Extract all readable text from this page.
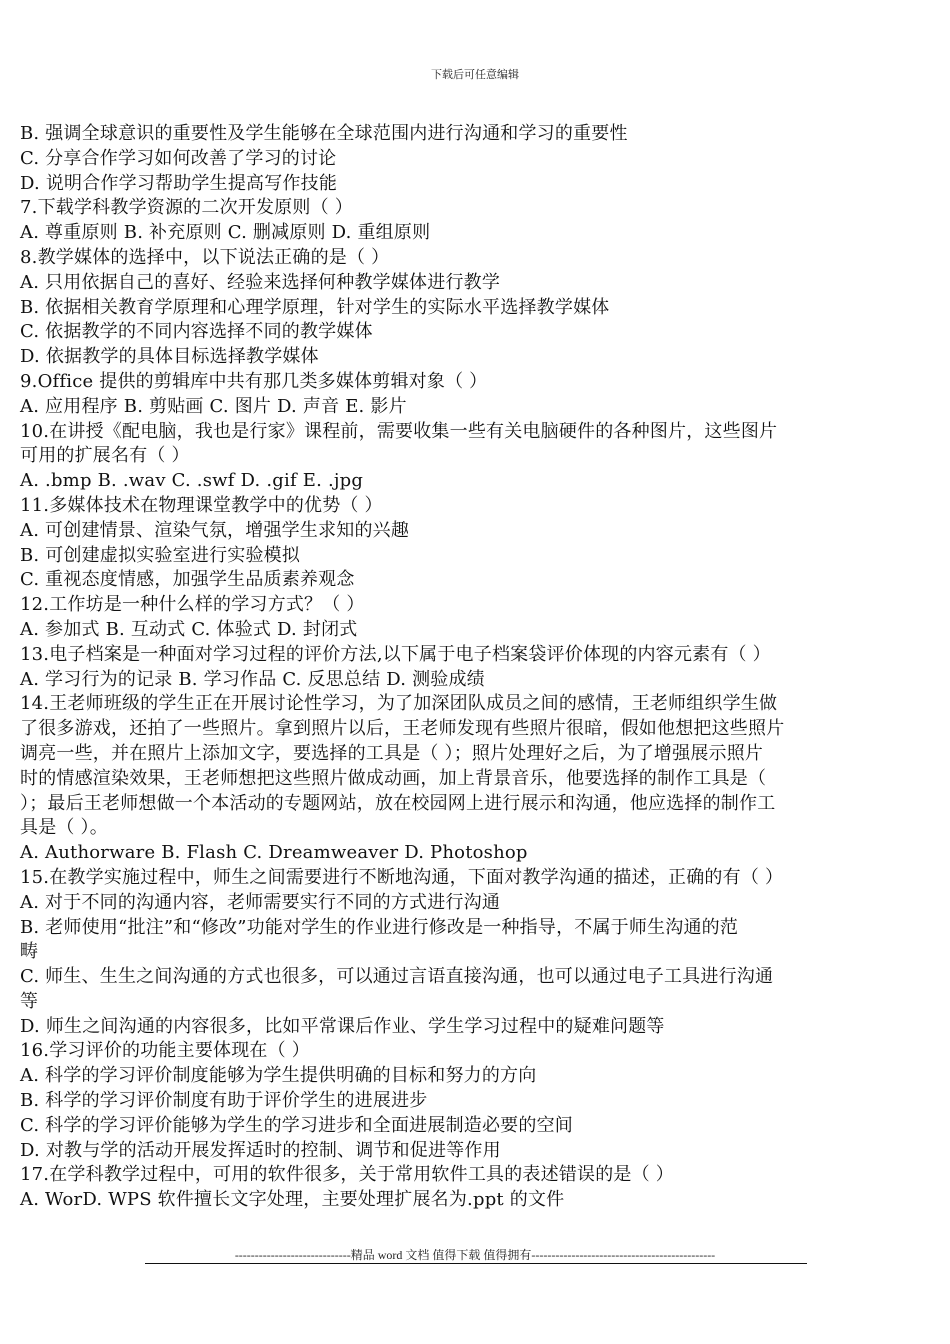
下载后可任意编辑
B. 强调全球意识的重要性及学生能够在全球范围内进行沟通和学习的重要性
C. 分享合作学习如何改善了学习的讨论
D. 说明合作学习帮助学生提高写作技能
7.下载学科教学资源的二次开发原则（ ）
A. 尊重原则 B. 补充原则 C. 删减原则 D. 重组原则
8.教学媒体的选择中，以下说法正确的是（ ）
A. 只用依据自己的喜好、经验来选择何种教学媒体进行教学
B. 依据相关教育学原理和心理学原理，针对学生的实际水平选择教学媒体
C. 依据教学的不同内容选择不同的教学媒体
D. 依据教学的具体目标选择教学媒体
9.Office 提供的剪辑库中共有那几类多媒体剪辑对象（ ）
A. 应用程序 B. 剪贴画 C. 图片 D. 声音 E. 影片
10.在讲授《配电脑，我也是行家》课程前，需要收集一些有关电脑硬件的各种图片，这些图片
可用的扩展名有（ ）
A. .bmp B. .wav C. .swf D. .gif E. .jpg
11.多媒体技术在物理课堂教学中的优势（ ）
A. 可创建情景、渲染气氛，增强学生求知的兴趣
B. 可创建虚拟实验室进行实验模拟
C. 重视态度情感，加强学生品质素养观念
12.工作坊是一种什么样的学习方式？（ ）
A. 参加式 B. 互动式 C. 体验式 D. 封闭式
13.电子档案是一种面对学习过程的评价方法,以下属于电子档案袋评价体现的内容元素有（ ）
A. 学习行为的记录 B. 学习作品 C. 反思总结 D. 测验成绩
14.王老师班级的学生正在开展讨论性学习，为了加深团队成员之间的感情，王老师组织学生做
了很多游戏，还拍了一些照片。拿到照片以后，王老师发现有些照片很暗，假如他想把这些照片
调亮一些，并在照片上添加文字，要选择的工具是（ ）；照片处理好之后，为了增强展示照片
时的情感渲染效果，王老师想把这些照片做成动画，加上背景音乐，他要选择的制作工具是（
）；最后王老师想做一个本活动的专题网站，放在校园网上进行展示和沟通，他应选择的制作工
具是（ ）。
A. Authorware B. Flash C. Dreamweaver D. Photoshop
15.在教学实施过程中，师生之间需要进行不断地沟通，下面对教学沟通的描述，正确的有（ ）
A. 对于不同的沟通内容，老师需要实行不同的方式进行沟通
B. 老师使用“批注”和“修改”功能对学生的作业进行修改是一种指导，不属于师生沟通的范
畴
C. 师生、生生之间沟通的方式也很多，可以通过言语直接沟通，也可以通过电子工具进行沟通
等
D. 师生之间沟通的内容很多，比如平常课后作业、学生学习过程中的疑难问题等
16.学习评价的功能主要体现在（ ）
A. 科学的学习评价制度能够为学生提供明确的目标和努力的方向
B. 科学的学习评价制度有助于评价学生的进展进步
C. 科学的学习评价能够为学生的学习进步和全面进展制造必要的空间
D. 对教与学的活动开展发挥适时的控制、调节和促进等作用
17.在学科教学过程中，可用的软件很多，关于常用软件工具的表述错误的是（ ）
A. WorD. WPS 软件擅长文字处理，主要处理扩展名为.ppt 的文件
-----------------------------精品 word 文档 值得下载 值得拥有----------------------------------------------
